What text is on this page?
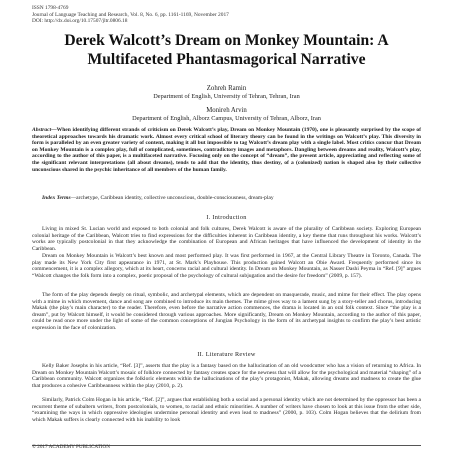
ISSN 1798-4769
Journal of Language Teaching and Research, Vol. 8, No. 6, pp. 1161-1169, November 2017
DOI: http://dx.doi.org/10.17507/jltr.0806.18
Derek Walcott’s Dream on Monkey Mountain: A
Multifaceted Phantasmagorical Narrative
Zohreh Ramin
Department of English, University of Tehran, Tehran, Iran
Monireh Arvin
Department of English, Alborz Campus, University of Tehran, Alborz, Iran
Abstract—When identifying different strands of criticism on Derek Walcott’s play, Dream on Monkey Mountain (1970), one is pleasantly surprised by the scope of theoretical approaches towards his dramatic work. Almost every critical school of literary theory can be found in the writings on Walcott’s play. This diversity in form is paralleled by an even greater variety of content, making it all but impossible to tag Walcott’s dream play with a single label. Most critics concur that Dream on Monkey Mountain is a complex play, full of complicated, sometimes, contradictory images and metaphors. Dangling between dreams and reality, Walcott’s play, according to the author of this paper, is a multifaceted narrative. Focusing only on the concept of “dream”, the present article, appreciating and reflecting some of the significant relevant interpretations (all about dreams), tends to add that the identity, thus destiny, of a (colonized) nation is shaped also by their collective unconscious shared in the psychic inheritance of all members of the human family.
Index Terms—archetype, Caribbean identity, collective unconscious, double-consciousness, dream-play
I. Introduction
Living in mixed St. Lucian world and exposed to both colonial and folk cultures, Derek Walcott is aware of the plurality of Caribbean society. Exploring European colonial heritage of the Caribbean, Walcott tries to find expressions for the difficulties inherent in Caribbean identity, a key theme that runs throughout his works. Walcott’s works are typically postcolonial in that they acknowledge the combination of European and African heritages that have influenced the development of identity in the Caribbean.
Dream on Monkey Mountain is Walcott’s best known and most performed play. It was first performed in 1967, at the Central Library Theatre in Toronto, Canada. The play made its New York City first appearance in 1971, at St. Mark’s Playhouse. This production gained Walcott an Obie Award. Frequently performed since its commencement, it is a complex allegory, which at its heart, concerns racial and cultural identity. In Dream on Monkey Mountain, as Nasser Dashi Peyma in “Ref. [9]” argues “Walcott changes the folk form into a complex, poetic proposal of the psychology of cultural subjugation and the desire for freedom” (2009, p. 157).
The form of the play depends deeply on ritual, symbolic, and archetypal elements, which are dependent on masquerade, music, and mime for their effect. The play opens with a mime in which movement, dance and song are combined to introduce its main themes. The mime gives way to a lament sung by a story-teller and chorus, introducing Makak (the play’s main character) to the reader. Therefore, even before the narrative action commences, the drama is located in an oral folk context. Since “the play is a dream”, put by Walcott himself, it would be considered through various approaches. More significantly, Dream on Monkey Mountain, according to the author of this paper, could be read once more under the light of some of the common conceptions of Jungian Psychology in the form of its archetypal insights to confirm the play’s best artistic expression in the face of colonization.
II. Literature Review
Kelly Baker Josephs in his article, “Ref. [3]”, asserts that the play is a fantasy based on the hallucination of an old woodcutter who has a vision of returning to Africa. In Dream on Monkey Mountain Walcott’s mosaic of folklore connected by fantasy creates space for the newness that will allow for the psychological and material “shaping” of a Caribbean community. Walcott organizes the folkloric elements within the hallucinations of the play’s protagonist, Makak, allowing dreams and madness to create the glue that produces a cohesive Caribbeanness within the play (2010, p. 2).
Similarly, Patrick Colm Hogan in his article, “Ref. [2]”, argues that establishing both a social and a personal identity which are not determined by the oppressor has been a recurrent theme of subaltern writers, from postcolonials, to women, to racial and ethnic minorities. A number of writers have chosen to look at this issue from the other side, “examining the ways in which oppressive ideologies undermine personal identity and even lead to madness” (2000, p. 103). Colm Hogan believes that the delirium from which Makak suffers is clearly connected with his inability to look
© 2017 ACADEMY PUBLICATION
